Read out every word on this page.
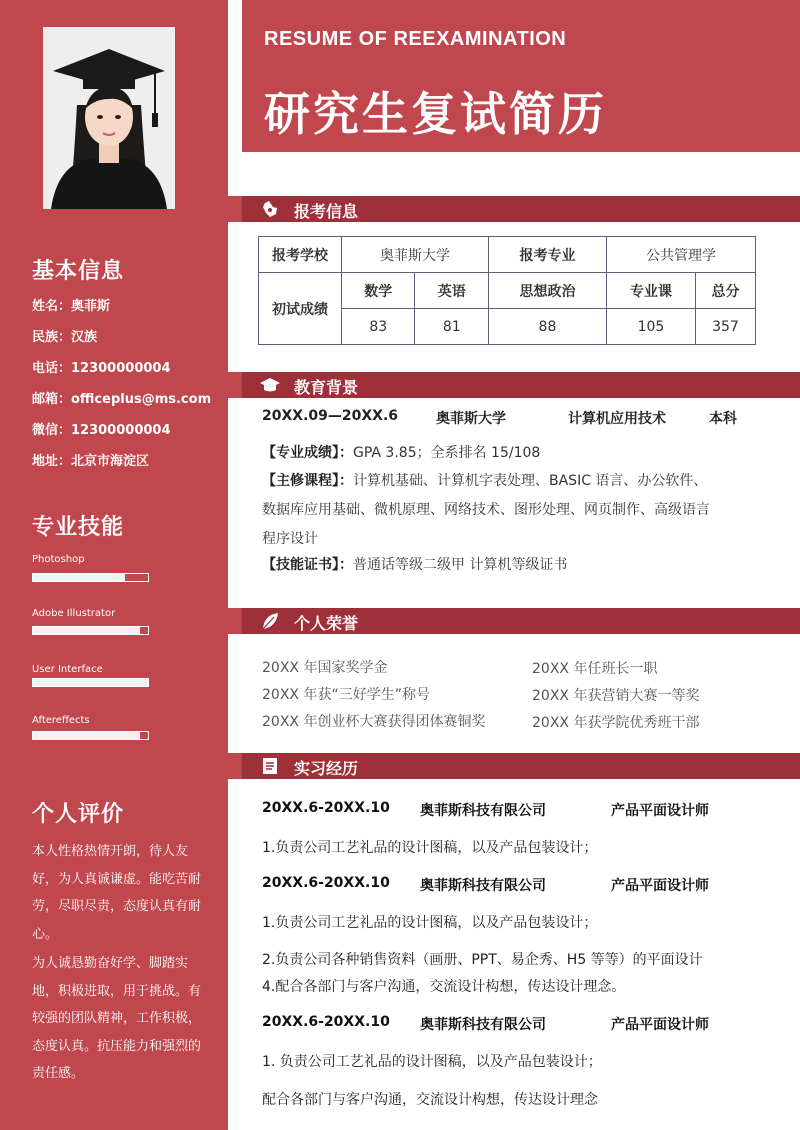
基本信息
姓名：奥菲斯
民族：汉族
电话：12300000004
邮箱：officeplus@ms.com
微信：12300000004
地址：北京市海淀区
专业技能
Photoshop
Adobe Illustrator
User Interface
Aftereffects
个人评价
本人性格热情开朗，待人友好，为人真诚谦虚。能吃苦耐劳，尽职尽责，态度认真有耐心。
为人诚恳勤奋好学、脚踏实地，积极进取，用于挑战。有较强的团队精神，工作积极，态度认真。抗压能力和强烈的责任感。
RESUME OF REEXAMINATION
研究生复试简历
报考信息
报考学校	奥菲斯大学		报考专业	公共管理学	
初试成绩	数学	英语	思想政治	专业课	总分
	83	81	88	105	357
教育背景
20XX.09—20XX.6	奥菲斯大学	计算机应用技术	本科
【专业成绩】：GPA 3.85；全系排名 15/108
【主修课程】：计算机基础、计算机字表处理、BASIC 语言、办公软件、
数据库应用基础、微机原理、网络技术、图形处理、网页制作、高级语言
程序设计
【技能证书】：普通话等级二级甲 计算机等级证书
个人荣誉
20XX 年国家奖学金	20XX 年任班长一职
20XX 年获“三好学生”称号	20XX 年获营销大赛一等奖
20XX 年创业杯大赛获得团体赛铜奖	20XX 年获学院优秀班干部
实习经历
20XX.6-20XX.10 奥菲斯科技有限公司	产品平面设计师
1.负责公司工艺礼品的设计图稿，以及产品包装设计；
20XX.6-20XX.10 奥菲斯科技有限公司	产品平面设计师
1.负责公司工艺礼品的设计图稿，以及产品包装设计；
2.负责公司各种销售资料（画册、PPT、易企秀、H5 等等）的平面设计
4.配合各部门与客户沟通，交流设计构想，传达设计理念。
20XX.6-20XX.10 奥菲斯科技有限公司	产品平面设计师
1. 负责公司工艺礼品的设计图稿，以及产品包装设计；
配合各部门与客户沟通，交流设计构想，传达设计理念
